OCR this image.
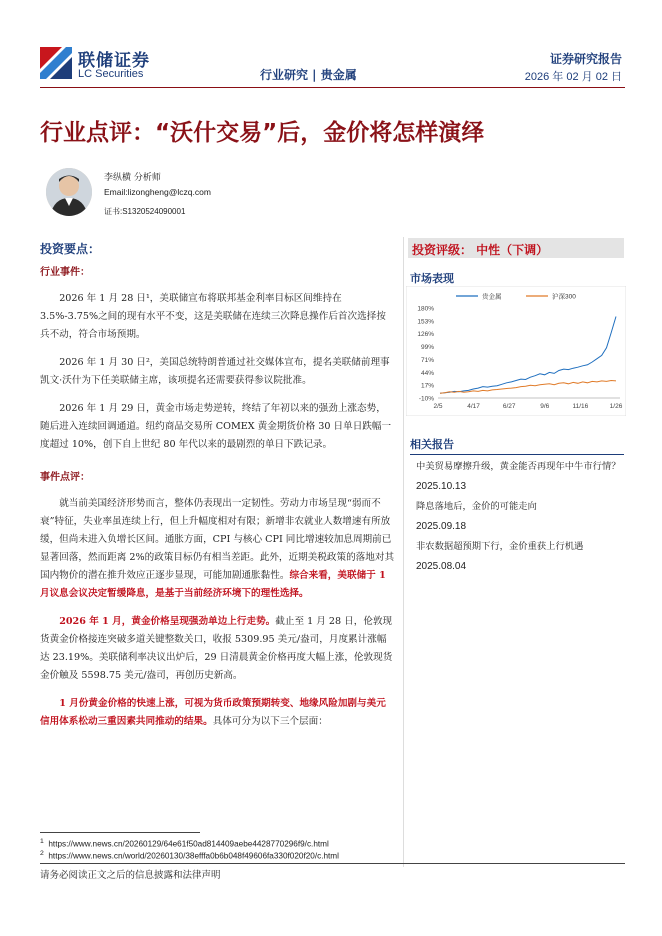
联储证券
LC Securities	行业研究 | 贵金属
证券研究报告
2026 年 02 月 02 日
行业点评：“沃什交易”后，金价将怎样演绎
李纵横 分析师
Email:lizongheng@lczq.com
证书:S1320524090001
投资要点：
行业事件：

2026 年 1 月 28 日¹，美联储宣布将联邦基金利率目标区间维持在 3.5%-3.75%之间的现有水平不变，这是美联储在连续三次降息操作后首次选择按兵不动，符合市场预期。

2026 年 1 月 30 日²，美国总统特朗普通过社交媒体宣布，提名美联储前理事凯文·沃什为下任美联储主席，该项提名还需要获得参议院批准。

2026 年 1 月 29 日，黄金市场走势逆转，终结了年初以来的强劲上涨态势，随后进入连续回调通道。纽约商品交易所 COMEX 黄金期货价格 30 日单日跌幅一度超过 10%，创下自上世纪 80 年代以来的最剧烈的单日下跌记录。

事件点评：

就当前美国经济形势而言，整体仍表现出一定韧性。劳动力市场呈现“弱而不衰”特征，失业率虽连续上行，但上升幅度相对有限；新增非农就业人数增速有所放缓，但尚未进入负增长区间。通胀方面，CPI 与核心 CPI 同比增速较加息周期前已显著回落，然而距离 2%的政策目标仍有相当差距。此外，近期美税政策的落地对其国内物价的潜在推升效应正逐步显现，可能加剧通胀黏性。综合来看，美联储于 1 月议息会议决定暂缓降息，是基于当前经济环境下的理性选择。

2026 年 1 月，黄金价格呈现强劲单边上行走势。截止至 1 月 28 日，伦敦现货黄金价格接连突破多道关键整数关口，收报 5309.95 美元/盎司，月度累计涨幅达 23.19%。美联储利率决议出炉后，29 日清晨黄金价格再度大幅上涨，伦敦现货金价触及 5598.75 美元/盎司，再创历史新高。

1 月份黄金价格的快速上涨，可视为货币政策预期转变、地缘风险加剧与美元信用体系松动三重因素共同推动的结果。具体可分为以下三个层面：

投资评级： 中性（下调）
市场表现
贵金属	沪深300
180%
153%
126%
99%
71%
44%
17%
-10%
2/5	4/17	6/27	9/6	11/16	1/26
相关报告
中美贸易摩擦升级，黄金能否再现年中牛市行情？
2025.10.13
降息落地后，金价的可能走向
2025.09.18
非农数据超预期下行，金价重获上行机遇
2025.08.04
$^1$ https://www.news.cn/20260129/64e61f50ad814409aebe4428770296f9/c.html
$^2$ https://www.news.cn/world/20260130/38efffa0b6b048f49606fa330f020f20/c.html
请务必阅读正文之后的信息披露和法律声明
